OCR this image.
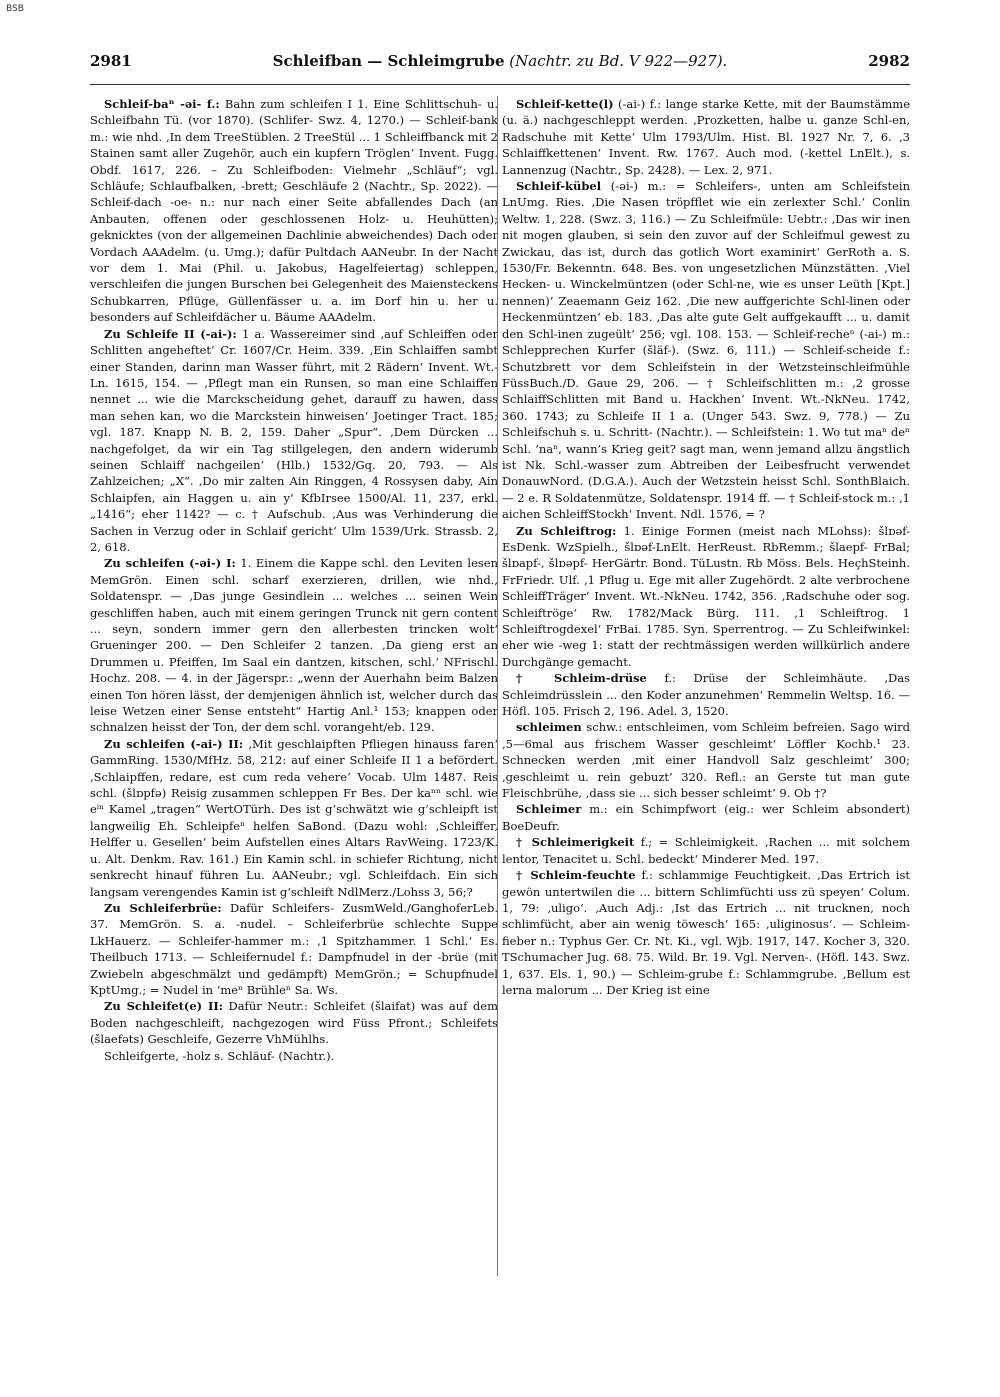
BSB
2981	Schleifban — Schleimgrube (Nachtr. zu Bd. V 922—927).	2982

Schleif-baⁿ -əi- f.: Bahn zum schleifen I 1. Eine Schlittschuh- u. Schleifbahn Tü. (vor 1870). (Schlifer- Swz. 4, 1270.) — Schleif-bank m.: wie nhd. ‚In dem TreeStüblen. 2 TreeStül ... 1 Schleiffbanck mit 2 Stainen samt aller Zugehör, auch ein kupfern Tröglen‘ Invent. Fugg. Obdf. 1617, 226. – Zu Schleifboden: Vielmehr „Schläuf“; vgl. Schläufe; Schlaufbalken, -brett; Geschläufe 2 (Nachtr., Sp. 2022). — Schleif-dach -oe- n.: nur nach einer Seite abfallendes Dach (an Anbauten, offenen oder geschlossenen Holz- u. Heuhütten); geknicktes (von der allgemeinen Dachlinie abweichendes) Dach oder Vordach AAAdelm. (u. Umg.); dafür Pultdach AANeubr. In der Nacht vor dem 1. Mai (Phil. u. Jakobus, Hagelfeiertag) schleppen, verschleifen die jungen Burschen bei Gelegenheit des Maiensteckens Schubkarren, Pflüge, Güllenfässer u. a. im Dorf hin u. her u. besonders auf Schleifdächer u. Bäume AAAdelm.

Zu Schleife II (-ai-): 1 a. Wassereimer sind ‚auf Schleiffen oder Schlitten angeheftet‘ Cr. 1607/Cr. Heim. 339. ‚Ein Schlaiffen sambt einer Standen, darinn man Wasser führt, mit 2 Rädern‘ Invent. Wt.-Ln. 1615, 154. — ‚Pflegt man ein Runsen, so man eine Schlaiffen nennet ... wie die Marckscheidung gehet, darauff zu hawen, dass man sehen kan, wo die Marckstein hinweisen‘ Joetinger Tract. 185; vgl. 187. Knapp N. B. 2, 159. Daher „Spur“. ‚Dem Dürcken ... nachgefolget, da wir ein Tag stillgelegen, den andern widerumb seinen Schlaiff nachgeilen‘ (Hlb.) 1532/Gq. 20, 793. — Als Zahlzeichen; „X“. ‚Do mir zalten Ain Ringgen, 4 Rossysen daby, Ain Schlaipfen, ain Haggen u. ain y‘ KfbIrsee 1500/Al. 11, 237, erkl. „1416“; eher 1142? — c. † Aufschub. ‚Aus was Verhinderung die Sachen in Verzug oder in Schlaif gericht‘ Ulm 1539/Urk. Strassb. 2, 2, 618.

Zu schleifen (-əi-) I: 1. Einem die Kappe schl. den Leviten lesen MemGrön. Einen schl. scharf exerzieren, drillen, wie nhd., Soldatenspr. — ‚Das junge Gesindlein ... welches ... seinen Wein geschliffen haben, auch mit einem geringen Trunck nit gern content ... seyn, sondern immer gern den allerbesten trincken wolt‘ Grueninger 200. — Den Schleifer 2 tanzen. ‚Da gieng erst an Drummen u. Pfeiffen, Im Saal ein dantzen, kitschen, schl.‘ NFrischl. Hochz. 208. — 4. in der Jägerspr.: „wenn der Auerhahn beim Balzen einen Ton hören lässt, der demjenigen ähnlich ist, welcher durch das leise Wetzen einer Sense entsteht“ Hartig Anl.¹ 153; knappen oder schnalzen heisst der Ton, der dem schl. vorangeht/eb. 129.

Zu schleifen (-ai-) II: ‚Mit geschlaipften Pfliegen hinauss faren‘ GammRing. 1530/MfHz. 58, 212: auf einer Schleife II 1 a befördert. ‚Schlaipffen, redare, est cum reda vehere‘ Vocab. Ulm 1487. Reis schl. (šlɒpfə) Reisig zusammen schleppen Fr Bes. Der kaⁿⁿ schl. wie eⁱⁿ Kamel „tragen“ WertOTürh. Des ist g‘schwätzt wie g‘schleipft ist langweilig Eh. Schleipfeⁿ helfen SaBond. (Dazu wohl: ‚Schleiffer, Helffer u. Gesellen‘ beim Aufstellen eines Altars RavWeing. 1723/K. u. Alt. Denkm. Rav. 161.) Ein Kamin schl. in schiefer Richtung, nicht senkrecht hinauf führen Lu. AANeubr.; vgl. Schleifdach. Ein sich langsam verengendes Kamin ist g‘schleift NdlMerz./Lohss 3, 56;?

Zu Schleiferbrüe: Dafür Schleifers- ZusmWeld./GanghoferLeb. 37. MemGrön. S. a. -nudel. – Schleiferbrüe schlechte Suppe LkHauerz. — Schleifer-hammer m.: ‚1 Spitzhammer. 1 Schl.‘ Es. Theilbuch 1713. — Schleifernudel f.: Dampfnudel in der -brüe (mit Zwiebeln abgeschmälzt und gedämpft) MemGrön.; = Schupfnudel KptUmg.; = Nudel in ’meⁿ Brühleⁿ Sa. Ws.

Zu Schleifet(e) II: Dafür Neutr.: Schleifet (šlaifat) was auf dem Boden nachgeschleift, nachgezogen wird Füss Pfront.; Schleifets (šlaefəts) Geschleife, Gezerre VhMühlhs.

Schleifgerte, -holz s. Schläuf- (Nachtr.).

Schleif-kette(l) (-ai-) f.: lange starke Kette, mit der Baumstämme (u. ä.) nachgeschleppt werden. ‚Prozketten, halbe u. ganze Schl-en, Radschuhe mit Kette‘ Ulm 1793/Ulm. Hist. Bl. 1927 Nr. 7, 6. ‚3 Schlaiffkettenen‘ Invent. Rw. 1767. Auch mod. (-kettel LnElt.), s. Lannenzug (Nachtr., Sp. 2428). — Lex. 2, 971.

Schleif-kübel (-əi-) m.: = Schleifers-, unten am Schleifstein LnUmg. Ries. ‚Die Nasen tröpfflet wie ein zerlexter Schl.‘ Conlin Weltw. 1, 228. (Swz. 3, 116.) — Zu Schleifmüle: Uebtr.: ‚Das wir inen nit mogen glauben, si sein den zuvor auf der Schleifmul gewest zu Zwickau, das ist, durch das gotlich Wort examinirt‘ GerRoth a. S. 1530/Fr. Bekenntn. 648. Bes. von ungesetzlichen Münzstätten. ‚Viel Hecken- u. Winckelmüntzen (oder Schl-ne, wie es unser Leüth [Kpt.] nennen)‘ Zeaemann Geiz 162. ‚Die new auffgerichte Schl-linen oder Heckenmüntzen‘ eb. 183. ‚Das alte gute Gelt auffgekaufft ... u. damit den Schl-inen zugeült‘ 256; vgl. 108. 153. — Schleif-recheⁿ (-ai-) m.: Schlepprechen Kurfer (šläf-). (Swz. 6, 111.) — Schleif-scheide f.: Schutzbrett vor dem Schleifstein in der Wetzsteinschleifmühle FüssBuch./D. Gaue 29, 206. — † Schleifschlitten m.: ‚2 grosse SchlaiffSchlitten mit Band u. Hackhen‘ Invent. Wt.-NkNeu. 1742, 360. 1743; zu Schleife II 1 a. (Unger 543. Swz. 9, 778.) — Zu Schleifschuh s. u. Schritt- (Nachtr.). — Schleifstein: 1. Wo tut maⁿ deⁿ Schl. ’naⁿ, wann’s Krieg geit? sagt man, wenn jemand allzu ängstlich ist Nk. Schl.-wasser zum Abtreiben der Leibesfrucht verwendet DonauwNord. (D.G.A.). Auch der Wetzstein heisst Schl. SonthBlaich. — 2 e. R Soldatenmütze, Soldatenspr. 1914 ff. — † Schleif-stock m.: ‚1 aichen SchleiffStockh‘ Invent. Ndl. 1576, = ?

Zu Schleiftrog: 1. Einige Formen (meist nach MLohss): šlɒəf- EsDenk. WzSpielh., šlɒəf-LnElt. HerReust. RbRemm.; šlaepf- FrBal; šlɒapf-, šlɒəpf- HerGärtr. Bond. TüLustn. Rb Möss. Bels. HeçhSteinh. FrFriedr. Ulf. ‚1 Pflug u. Ege mit aller Zugehördt. 2 alte verbrochene SchleiffTräger‘ Invent. Wt.-NkNeu. 1742, 356. ‚Radschuhe oder sog. Schleiftröge‘ Rw. 1782/Mack Bürg. 111. ‚1 Schleiftrog. 1 Schleiftrogdexel‘ FrBai. 1785. Syn. Sperrentrog. — Zu Schleifwinkel: eher wie -weg 1: statt der rechtmässigen werden willkürlich andere Durchgänge gemacht.

† Schleim-drüse f.: Drüse der Schleimhäute. ‚Das Schleimdrüsslein ... den Koder anzunehmen‘ Remmelin Weltsp. 16. — Höfl. 105. Frisch 2, 196. Adel. 3, 1520.

schleimen schw.: entschleimen, vom Schleim befreien. Sago wird ‚5—6mal aus frischem Wasser geschleimt‘ Löffler Kochb.¹ 23. Schnecken werden ‚mit einer Handvoll Salz geschleimt‘ 300; ‚geschleimt u. rein gebuzt‘ 320. Refl.: an Gerste tut man gute Fleischbrühe, ‚dass sie ... sich besser schleimt‘ 9. Ob †?

Schleimer m.: ein Schimpfwort (eig.: wer Schleim absondert) BoeDeufr.

† Schleimerigkeit f.; = Schleimigkeit. ‚Rachen ... mit solchem lentor, Tenacitet u. Schl. bedeckt‘ Minderer Med. 197.

† Schleim-feuchte f.: schlammige Feuchtigkeit. ‚Das Ertrich ist gewön untertwilen die ... bittern Schlimfüchti uss zü speyen‘ Colum. 1, 79: ‚uligo‘. ‚Auch Adj.: ‚Ist das Ertrich ... nit trucknen, noch schlimfücht, aber ain wenig töwesch‘ 165: ‚uliginosus‘. — Schleim-fieber n.: Typhus Ger. Cr. Nt. Ki., vgl. Wjb. 1917, 147. Kocher 3, 320. TSchumacher Jug. 68. 75. Wild. Br. 19. Vgl. Nerven-. (Höfl. 143. Swz. 1, 637. Els. 1, 90.) — Schleim-grube f.: Schlammgrube. ‚Bellum est lerna malorum ... Der Krieg ist eine
